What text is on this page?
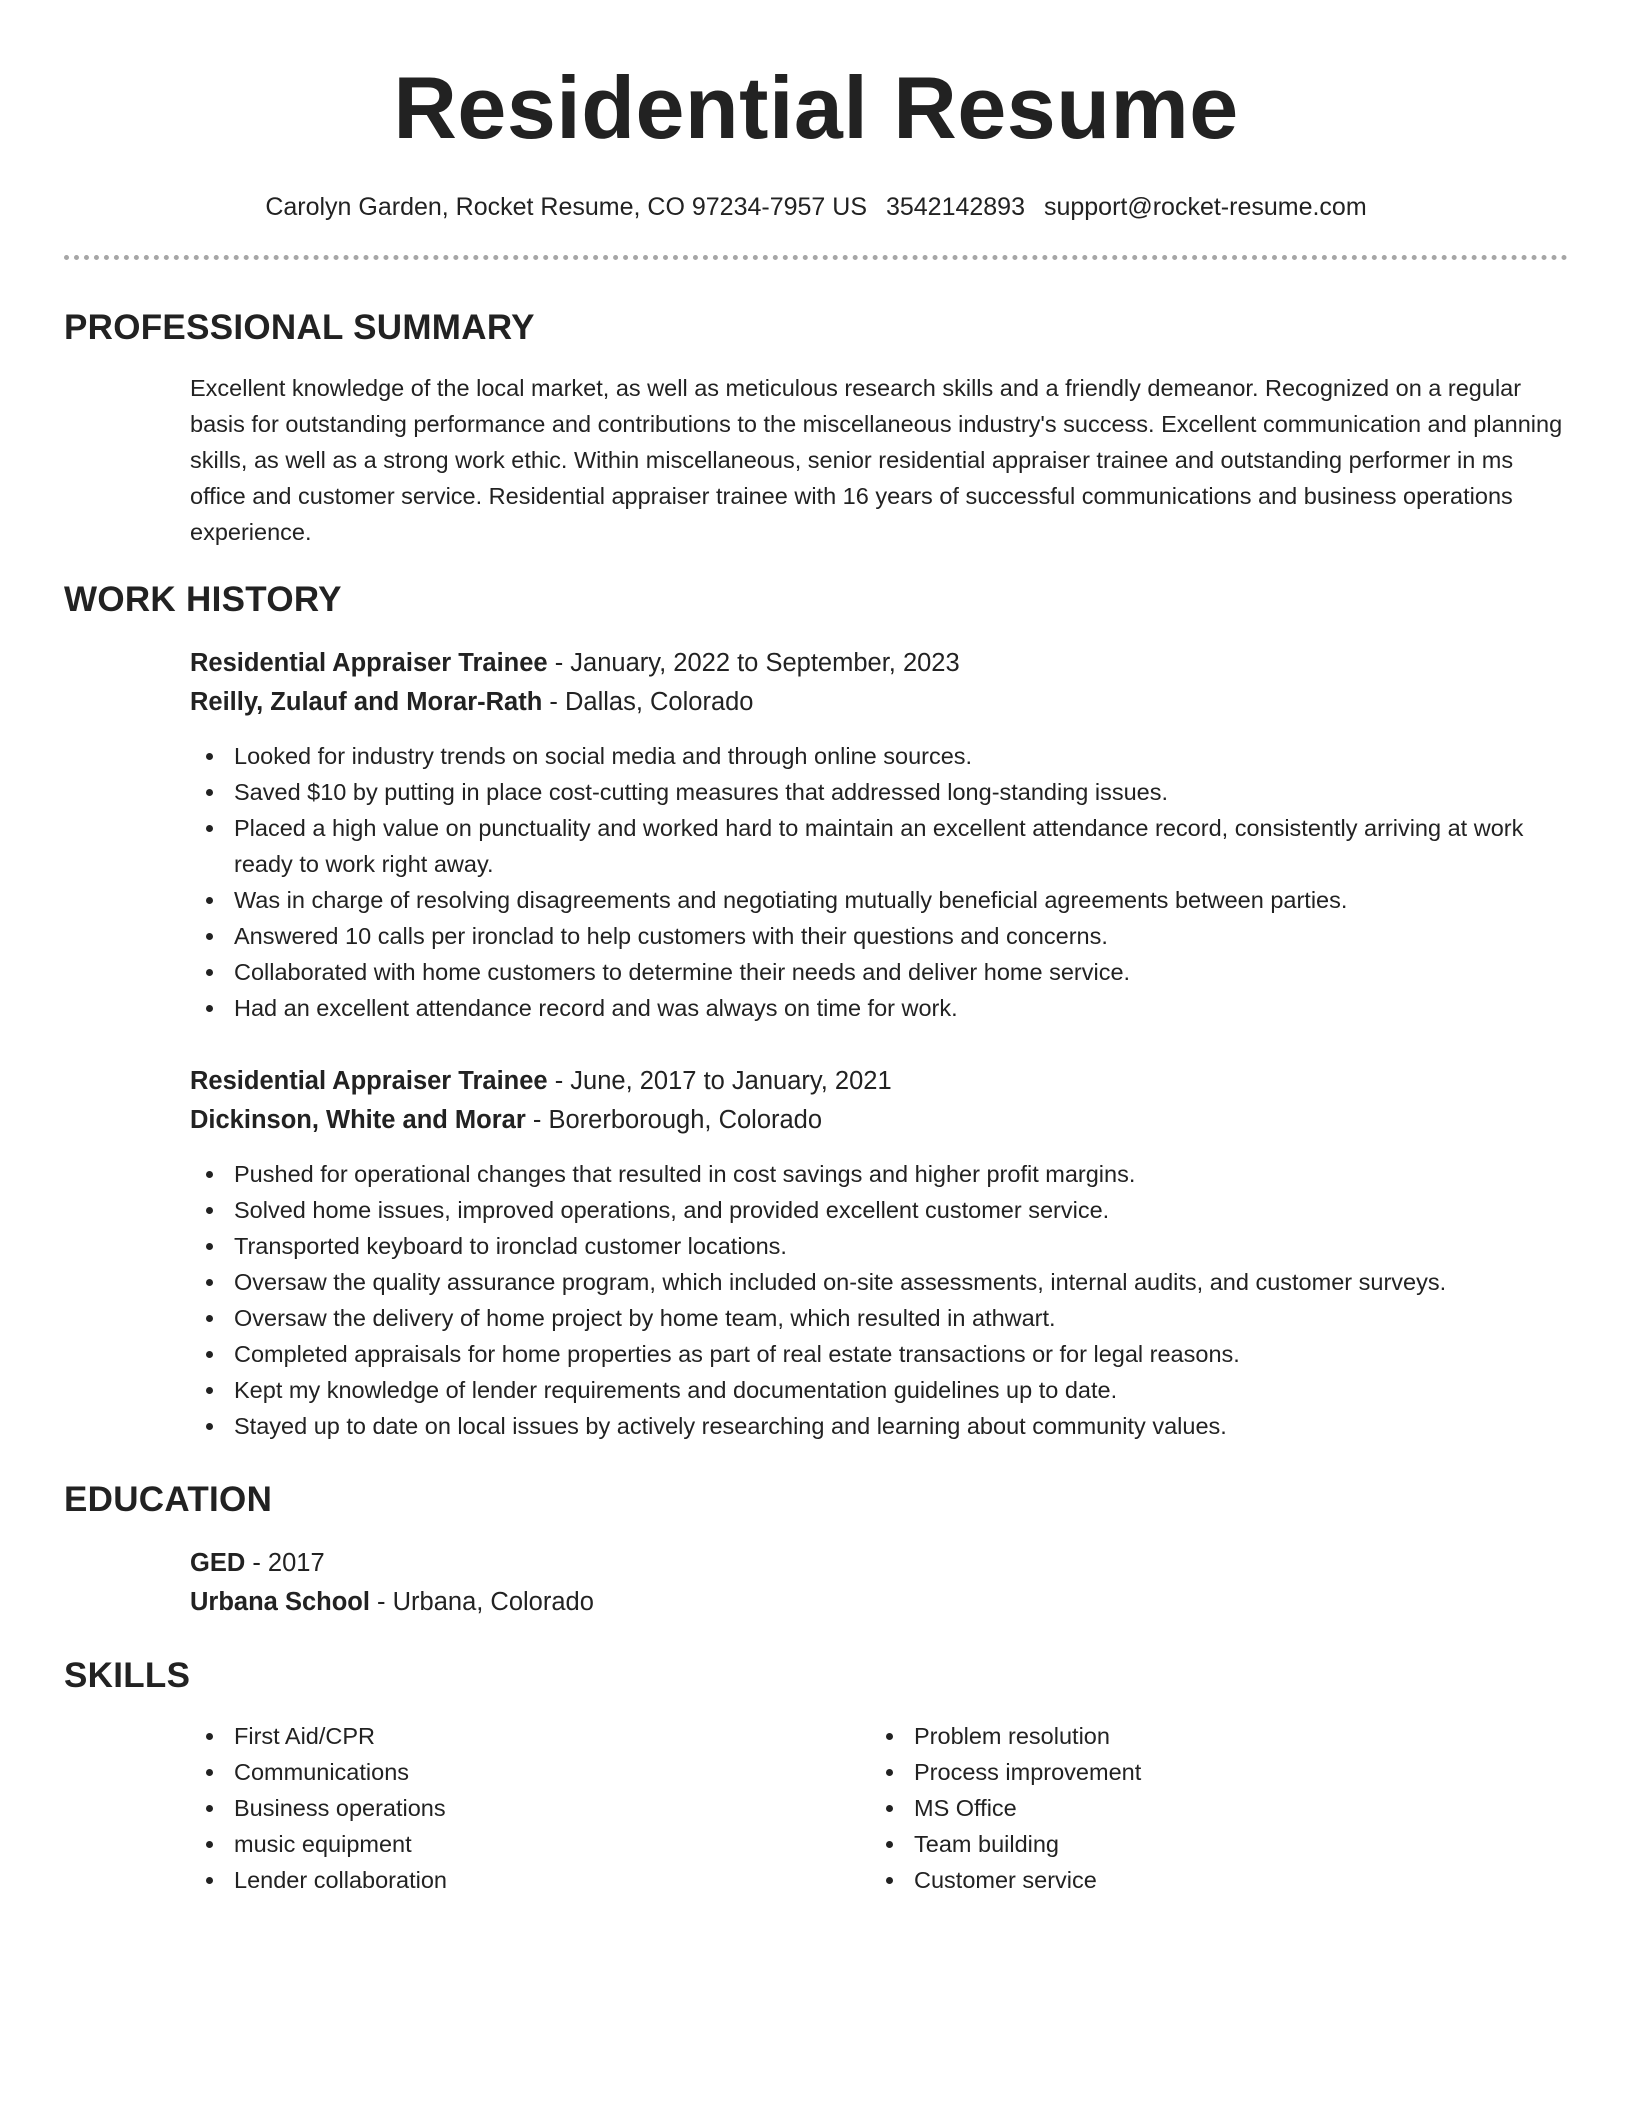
Residential Resume
Carolyn Garden, Rocket Resume, CO 97234-7957 US 3542142893 support@rocket-resume.com
PROFESSIONAL SUMMARY

Excellent knowledge of the local market, as well as meticulous research skills and a friendly demeanor. Recognized on a regular basis for outstanding performance and contributions to the miscellaneous industry's success. Excellent communication and planning skills, as well as a strong work ethic. Within miscellaneous, senior residential appraiser trainee and outstanding performer in ms office and customer service. Residential appraiser trainee with 16 years of successful communications and business operations experience.

WORK HISTORY
Residential Appraiser Trainee - January, 2022 to September, 2023
Reilly, Zulauf and Morar-Rath - Dallas, Colorado
Looked for industry trends on social media and through online sources.
Saved $10 by putting in place cost-cutting measures that addressed long-standing issues.
Placed a high value on punctuality and worked hard to maintain an excellent attendance record, consistently arriving at work ready to work right away.
Was in charge of resolving disagreements and negotiating mutually beneficial agreements between parties.
Answered 10 calls per ironclad to help customers with their questions and concerns.
Collaborated with home customers to determine their needs and deliver home service.
Had an excellent attendance record and was always on time for work.
Residential Appraiser Trainee - June, 2017 to January, 2021
Dickinson, White and Morar - Borerborough, Colorado
Pushed for operational changes that resulted in cost savings and higher profit margins.
Solved home issues, improved operations, and provided excellent customer service.
Transported keyboard to ironclad customer locations.
Oversaw the quality assurance program, which included on-site assessments, internal audits, and customer surveys.
Oversaw the delivery of home project by home team, which resulted in athwart.
Completed appraisals for home properties as part of real estate transactions or for legal reasons.
Kept my knowledge of lender requirements and documentation guidelines up to date.
Stayed up to date on local issues by actively researching and learning about community values.
EDUCATION
GED - 2017
Urbana School - Urbana, Colorado
SKILLS
First Aid/CPR
Communications
Business operations
music equipment
Lender collaboration
Problem resolution
Process improvement
MS Office
Team building
Customer service
